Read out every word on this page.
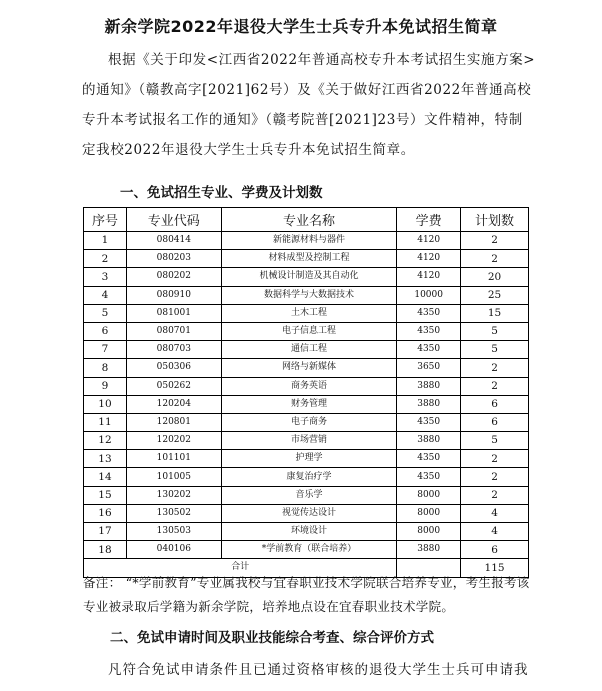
新余学院2022年退役大学生士兵专升本免试招生简章
根据《关于印发<江西省2022年普通高校专升本考试招生实施方案>
的通知》（赣教高字[2021]62号）及《关于做好江西省2022年普通高校
专升本考试报名工作的通知》（赣考院普[2021]23号）文件精神，特制
定我校2022年退役大学生士兵专升本免试招生简章。
一、免试招生专业、学费及计划数
序号	专业代码	专业名称	学费	计划数
1	080414	新能源材料与器件	4120	2
2	080203	材料成型及控制工程	4120	2
3	080202	机械设计制造及其自动化	4120	20
4	080910	数据科学与大数据技术	10000	25
5	081001	土木工程	4350	15
6	080701	电子信息工程	4350	5
7	080703	通信工程	4350	5
8	050306	网络与新媒体	3650	2
9	050262	商务英语	3880	2
10	120204	财务管理	3880	6
11	120801	电子商务	4350	6
12	120202	市场营销	3880	5
13	101101	护理学	4350	2
14	101005	康复治疗学	4350	2
15	130202	音乐学	8000	2
16	130502	视觉传达设计	8000	4
17	130503	环境设计	8000	4
18	040106	*学前教育（联合培养）	3880	6
合计				115
备注： “*学前教育”专业属我校与宜春职业技术学院联合培养专业，考生报考该
专业被录取后学籍为新余学院，培养地点设在宜春职业技术学院。
二、免试申请时间及职业技能综合考查、综合评价方式
凡符合免试申请条件且已通过资格审核的退役大学生士兵可申请我
